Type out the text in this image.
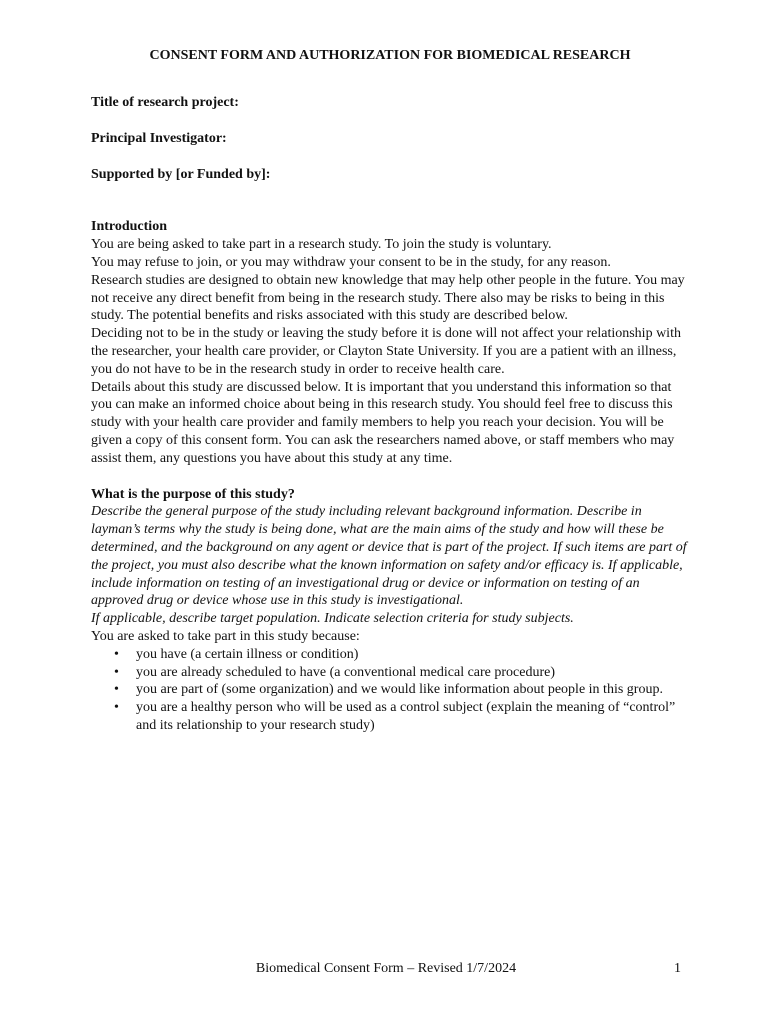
CONSENT FORM AND AUTHORIZATION FOR BIOMEDICAL RESEARCH

Title of research project:

Principal Investigator:

Supported by [or Funded by]:

Introduction

You are being asked to take part in a research study. To join the study is voluntary.

You may refuse to join, or you may withdraw your consent to be in the study, for any reason.

Research studies are designed to obtain new knowledge that may help other people in the future. You may not receive any direct benefit from being in the research study. There also may be risks to being in this study. The potential benefits and risks associated with this study are described below.

Deciding not to be in the study or leaving the study before it is done will not affect your relationship with the researcher, your health care provider, or Clayton State University. If you are a patient with an illness, you do not have to be in the research study in order to receive health care.

Details about this study are discussed below. It is important that you understand this information so that you can make an informed choice about being in this research study. You should feel free to discuss this study with your health care provider and family members to help you reach your decision. You will be given a copy of this consent form. You can ask the researchers named above, or staff members who may assist them, any questions you have about this study at any time.

What is the purpose of this study?

Describe the general purpose of the study including relevant background information. Describe in layman’s terms why the study is being done, what are the main aims of the study and how will these be determined, and the background on any agent or device that is part of the project. If such items are part of the project, you must also describe what the known information on safety and/or efficacy is. If applicable, include information on testing of an investigational drug or device or information on testing of an approved drug or device whose use in this study is investigational.

If applicable, describe target population. Indicate selection criteria for study subjects.

You are asked to take part in this study because:

• you have (a certain illness or condition)
• you are already scheduled to have (a conventional medical care procedure)
• you are part of (some organization) and we would like information about people in this group.
• you are a healthy person who will be used as a control subject (explain the meaning of “control” and its relationship to your research study)
Biomedical Consent Form – Revised 1/7/2024	1
